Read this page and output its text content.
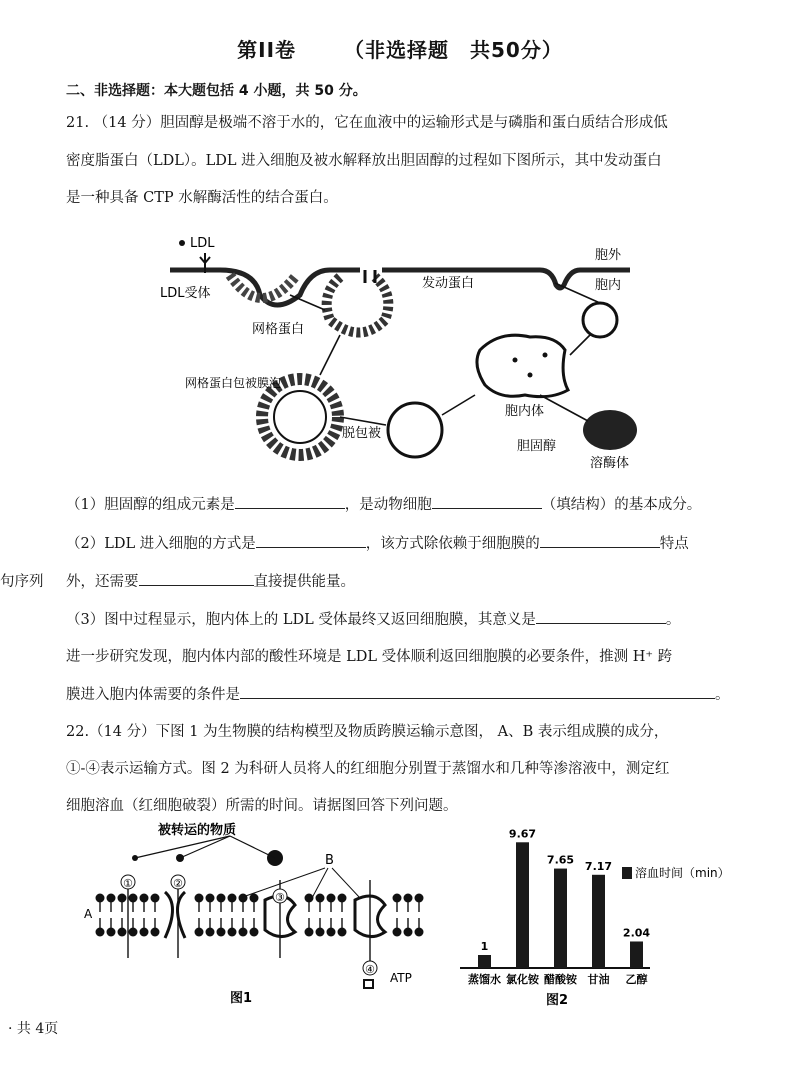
第II卷 （非选择题　共50分）
二、非选择题：本大题包括 4 小题，共 50 分。
21. （14 分）胆固醇是极端不溶于水的，它在血液中的运输形式是与磷脂和蛋白质结合形成低
密度脂蛋白（LDL）。LDL 进入细胞及被水解释放出胆固醇的过程如下图所示，其中发动蛋白
是一种具备 CTP 水解酶活性的结合蛋白。
LDL
LDL受体
发动蛋白
胞外
胞内
网格蛋白
网格蛋白包被膜泡
脱包被
胞内体
胆固醇
溶酶体
（1）胆固醇的组成元素是	，是动物细胞	（填结构）的基本成分。
（2）LDL 进入细胞的方式是	，该方式除依赖于细胞膜的	特点
句序列 外，还需要	直接提供能量。
（3）图中过程显示，胞内体上的 LDL 受体最终又返回细胞膜，其意义是	。
进一步研究发现，胞内体内部的酸性环境是 LDL 受体顺利返回细胞膜的必要条件，推测 H⁺ 跨
膜进入胞内体需要的条件是	。
22.（14 分）下图 1 为生物膜的结构模型及物质跨膜运输示意图， A、B 表示组成膜的成分，
①-④表示运输方式。图 2 为科研人员将人的红细胞分别置于蒸馏水和几种等渗溶液中，测定红
细胞溶血（红细胞破裂）所需的时间。请据图回答下列问题。
被转运的物质
①	②
③
④
ATP
A
B
图1
1
蒸馏水
9.67
氯化铵
7.65
醋酸铵
7.17
甘油
2.04
乙醇
溶血时间（min）
图2
· 共 4页
